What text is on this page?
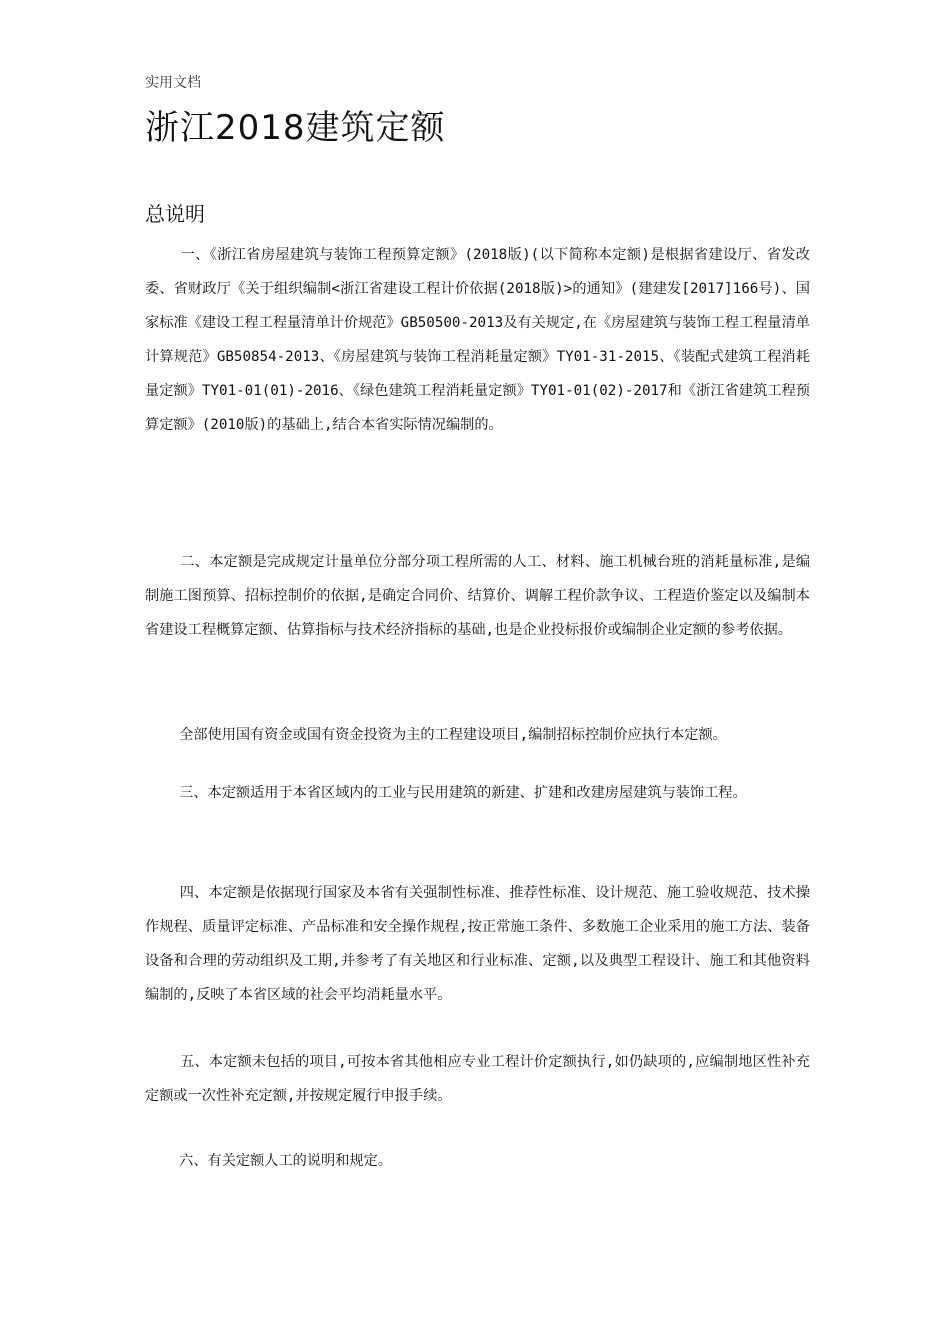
实用文档
浙江2018建筑定额
总说明

一、《浙江省房屋建筑与装饰工程预算定额》(2018版)(以下简称本定额)是根据省建设厅、省发改委、省财政厅《关于组织编制<浙江省建设工程计价依据(2018版)>的通知》(建建发[2017]166号)、国家标准《建设工程工程量清单计价规范》GB50500-2013及有关规定,在《房屋建筑与装饰工程工程量清单计算规范》GB50854-2013、《房屋建筑与装饰工程消耗量定额》TY01-31-2015、《装配式建筑工程消耗量定额》TY01-01(01)-2016、《绿色建筑工程消耗量定额》TY01-01(02)-2017和《浙江省建筑工程预算定额》(2010版)的基础上,结合本省实际情况编制的。

二、本定额是完成规定计量单位分部分项工程所需的人工、材料、施工机械台班的消耗量标准,是编制施工图预算、招标控制价的依据,是确定合同价、结算价、调解工程价款争议、工程造价鉴定以及编制本省建设工程概算定额、估算指标与技术经济指标的基础,也是企业投标报价或编制企业定额的参考依据。

全部使用国有资金或国有资金投资为主的工程建设项目,编制招标控制价应执行本定额。

三、本定额适用于本省区域内的工业与民用建筑的新建、扩建和改建房屋建筑与装饰工程。

四、本定额是依据现行国家及本省有关强制性标准、推荐性标准、设计规范、施工验收规范、技术操作规程、质量评定标准、产品标准和安全操作规程,按正常施工条件、多数施工企业采用的施工方法、装备设备和合理的劳动组织及工期,并参考了有关地区和行业标准、定额,以及典型工程设计、施工和其他资料编制的,反映了本省区域的社会平均消耗量水平。

五、本定额未包括的项目,可按本省其他相应专业工程计价定额执行,如仍缺项的,应编制地区性补充定额或一次性补充定额,并按规定履行申报手续。

六、有关定额人工的说明和规定。
